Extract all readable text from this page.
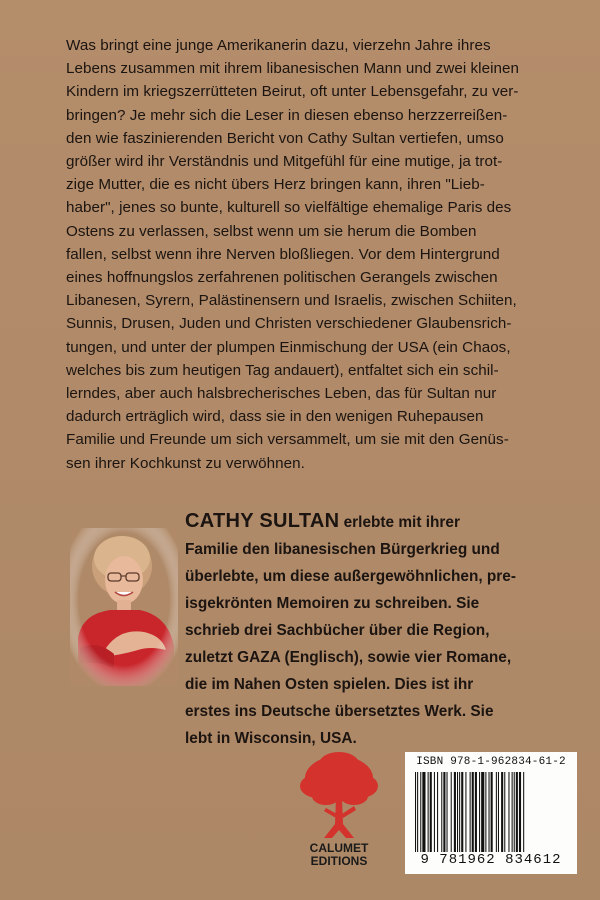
Was bringt eine junge Amerikanerin dazu, vierzehn Jahre ihres
Lebens zusammen mit ihrem libanesischen Mann und zwei kleinen
Kindern im kriegszerrütteten Beirut, oft unter Lebensgefahr, zu ver-
bringen? Je mehr sich die Leser in diesen ebenso herzzerreißen-
den wie faszinierenden Bericht von Cathy Sultan vertiefen, umso
größer wird ihr Verständnis und Mitgefühl für eine mutige, ja trot-
zige Mutter, die es nicht übers Herz bringen kann, ihren "Lieb-
haber", jenes so bunte, kulturell so vielfältige ehemalige Paris des
Ostens zu verlassen, selbst wenn um sie herum die Bomben
fallen, selbst wenn ihre Nerven bloßliegen. Vor dem Hintergrund
eines hoffnungslos zerfahrenen politischen Gerangels zwischen
Libanesen, Syrern, Palästinensern und Israelis, zwischen Schiiten,
Sunnis, Drusen, Juden und Christen verschiedener Glaubensrich-
tungen, und unter der plumpen Einmischung der USA (ein Chaos,
welches bis zum heutigen Tag andauert), entfaltet sich ein schil-
lerndes, aber auch halsbrecherisches Leben, das für Sultan nur
dadurch erträglich wird, dass sie in den wenigen Ruhepausen
Familie und Freunde um sich versammelt, um sie mit den Genüs-
sen ihrer Kochkunst zu verwöhnen.
CATHY SULTAN erlebte mit ihrer
Familie den libanesischen Bürgerkrieg und
überlebte, um diese außergewöhnlichen, pre-
isgekrönten Memoiren zu schreiben. Sie
schrieb drei Sachbücher über die Region,
zuletzt GAZA (Englisch), sowie vier Romane,
die im Nahen Osten spielen. Dies ist ihr
erstes ins Deutsche übersetztes Werk. Sie
lebt in Wisconsin, USA.
CALUMET
EDITIONS
ISBN 978-1-962834-61-2
9 781962 834612
